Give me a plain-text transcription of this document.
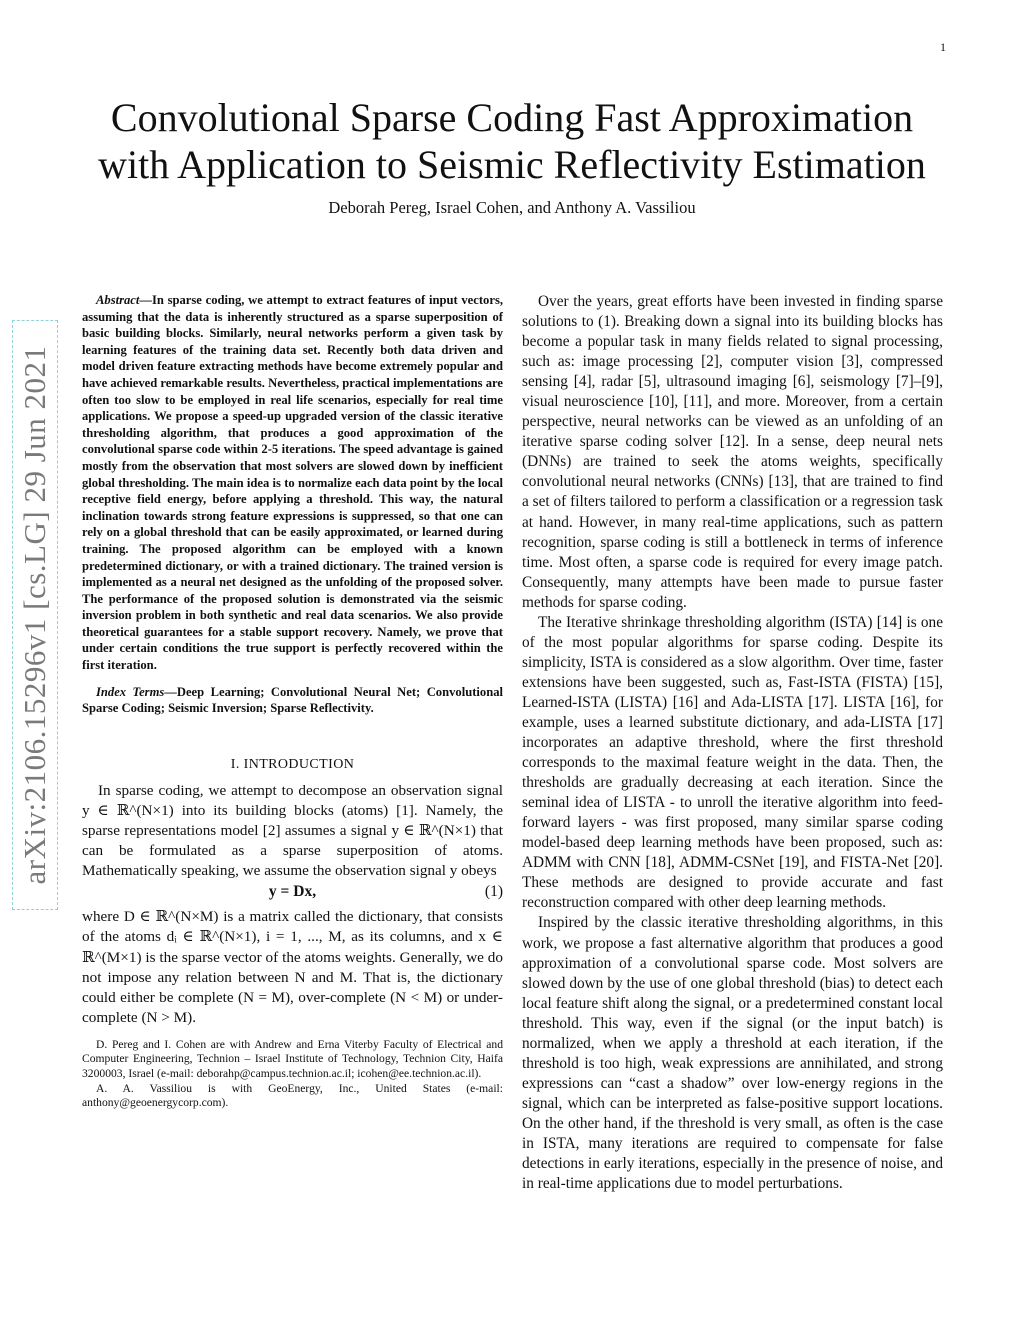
1
arXiv:2106.15296v1 [cs.LG] 29 Jun 2021
Convolutional Sparse Coding Fast Approximation
with Application to Seismic Reflectivity Estimation
Deborah Pereg, Israel Cohen, and Anthony A. Vassiliou

Abstract—In sparse coding, we attempt to extract features of input vectors, assuming that the data is inherently structured as a sparse superposition of basic building blocks. Similarly, neural networks perform a given task by learning features of the training data set. Recently both data driven and model driven feature extracting methods have become extremely popular and have achieved remarkable results. Nevertheless, practical implementations are often too slow to be employed in real life scenarios, especially for real time applications. We propose a speed-up upgraded version of the classic iterative thresholding algorithm, that produces a good approximation of the convolutional sparse code within 2-5 iterations. The speed advantage is gained mostly from the observation that most solvers are slowed down by inefficient global thresholding. The main idea is to normalize each data point by the local receptive field energy, before applying a threshold. This way, the natural inclination towards strong feature expressions is suppressed, so that one can rely on a global threshold that can be easily approximated, or learned during training. The proposed algorithm can be employed with a known predetermined dictionary, or with a trained dictionary. The trained version is implemented as a neural net designed as the unfolding of the proposed solver. The performance of the proposed solution is demonstrated via the seismic inversion problem in both synthetic and real data scenarios. We also provide theoretical guarantees for a stable support recovery. Namely, we prove that under certain conditions the true support is perfectly recovered within the first iteration.

Index Terms—Deep Learning; Convolutional Neural Net; Convolutional Sparse Coding; Seismic Inversion; Sparse Reflectivity.

I. INTRODUCTION

In sparse coding, we attempt to decompose an observation signal y ∈ ℝ^(N×1) into its building blocks (atoms) [1]. Namely, the sparse representations model [2] assumes a signal y ∈ ℝ^(N×1) that can be formulated as a sparse superposition of atoms. Mathematically speaking, we assume the observation signal y obeys

y = Dx,	(1)

where D ∈ ℝ^(N×M) is a matrix called the dictionary, that consists of the atoms dᵢ ∈ ℝ^(N×1), i = 1, ..., M, as its columns, and x ∈ ℝ^(M×1) is the sparse vector of the atoms weights. Generally, we do not impose any relation between N and M. That is, the dictionary could either be complete (N = M), over-complete (N < M) or under-complete (N > M).

D. Pereg and I. Cohen are with Andrew and Erna Viterby Faculty of Electrical and Computer Engineering, Technion – Israel Institute of Technology, Technion City, Haifa 3200003, Israel (e-mail: deborahp@campus.technion.ac.il; icohen@ee.technion.ac.il).

A. A. Vassiliou is with GeoEnergy, Inc., United States (e-mail: anthony@geoenergycorp.com).

Over the years, great efforts have been invested in finding sparse solutions to (1). Breaking down a signal into its building blocks has become a popular task in many fields related to signal processing, such as: image processing [2], computer vision [3], compressed sensing [4], radar [5], ultrasound imaging [6], seismology [7]–[9], visual neuroscience [10], [11], and more. Moreover, from a certain perspective, neural networks can be viewed as an unfolding of an iterative sparse coding solver [12]. In a sense, deep neural nets (DNNs) are trained to seek the atoms weights, specifically convolutional neural networks (CNNs) [13], that are trained to find a set of filters tailored to perform a classification or a regression task at hand. However, in many real-time applications, such as pattern recognition, sparse coding is still a bottleneck in terms of inference time. Most often, a sparse code is required for every image patch. Consequently, many attempts have been made to pursue faster methods for sparse coding.

The Iterative shrinkage thresholding algorithm (ISTA) [14] is one of the most popular algorithms for sparse coding. Despite its simplicity, ISTA is considered as a slow algorithm. Over time, faster extensions have been suggested, such as, Fast-ISTA (FISTA) [15], Learned-ISTA (LISTA) [16] and Ada-LISTA [17]. LISTA [16], for example, uses a learned substitute dictionary, and ada-LISTA [17] incorporates an adaptive threshold, where the first threshold corresponds to the maximal feature weight in the data. Then, the thresholds are gradually decreasing at each iteration. Since the seminal idea of LISTA - to unroll the iterative algorithm into feed-forward layers - was first proposed, many similar sparse coding model-based deep learning methods have been proposed, such as: ADMM with CNN [18], ADMM-CSNet [19], and FISTA-Net [20]. These methods are designed to provide accurate and fast reconstruction compared with other deep learning methods.

Inspired by the classic iterative thresholding algorithms, in this work, we propose a fast alternative algorithm that produces a good approximation of a convolutional sparse code. Most solvers are slowed down by the use of one global threshold (bias) to detect each local feature shift along the signal, or a predetermined constant local threshold. This way, even if the signal (or the input batch) is normalized, when we apply a threshold at each iteration, if the threshold is too high, weak expressions are annihilated, and strong expressions can “cast a shadow” over low-energy regions in the signal, which can be interpreted as false-positive support locations. On the other hand, if the threshold is very small, as often is the case in ISTA, many iterations are required to compensate for false detections in early iterations, especially in the presence of noise, and in real-time applications due to model perturbations.
